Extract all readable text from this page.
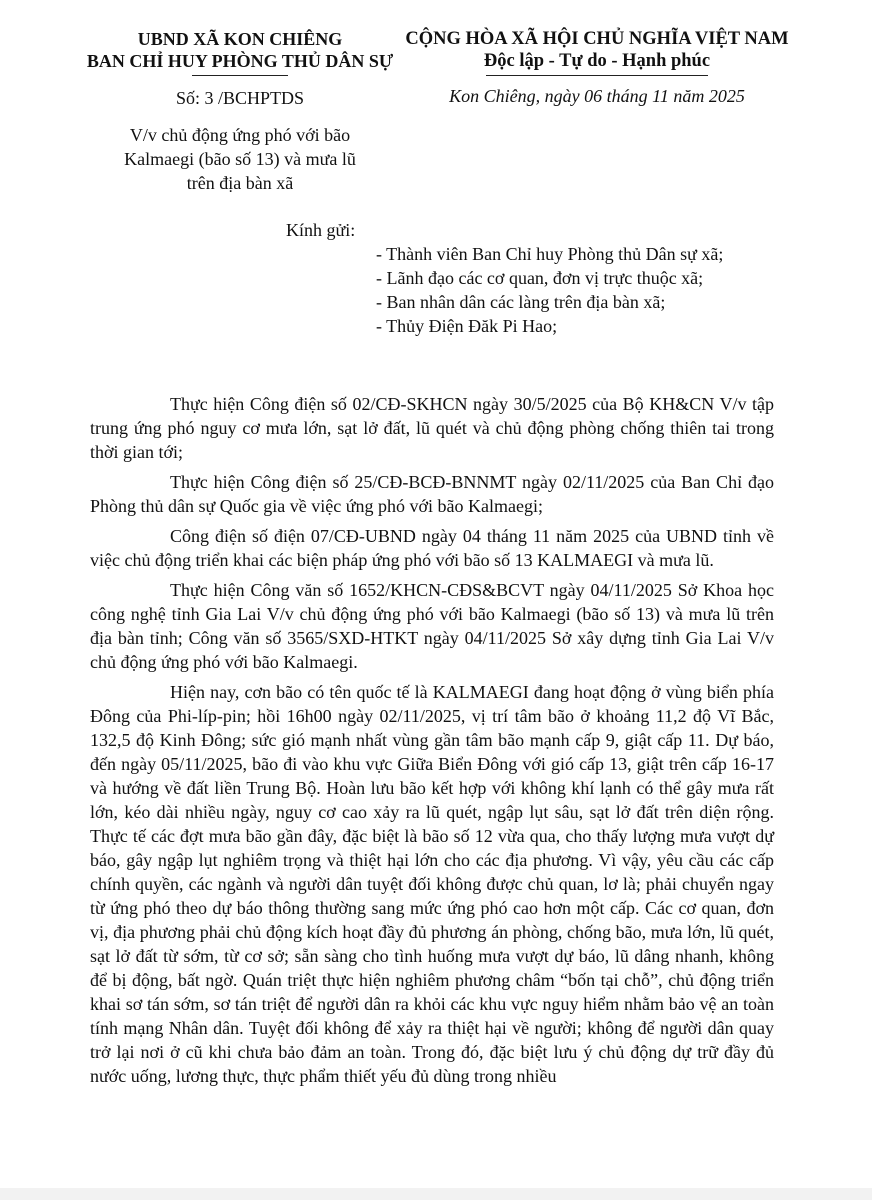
UBND XÃ KON CHIÊNG
BAN CHỈ HUY PHÒNG THỦ DÂN SỰ
Số: 3 /BCHPTDS
V/v chủ động ứng phó với bão
Kalmaegi (bão số 13) và mưa lũ
trên địa bàn xã
CỘNG HÒA XÃ HỘI CHỦ NGHĨA VIỆT NAM
Độc lập - Tự do - Hạnh phúc
Kon Chiêng, ngày 06 tháng 11 năm 2025
Kính gửi:
- Thành viên Ban Chỉ huy Phòng thủ Dân sự xã;
- Lãnh đạo các cơ quan, đơn vị trực thuộc xã;
- Ban nhân dân các làng trên địa bàn xã;
- Thủy Điện Đăk Pi Hao;

Thực hiện Công điện số 02/CĐ-SKHCN ngày 30/5/2025 của Bộ KH&CN V/v tập trung ứng phó nguy cơ mưa lớn, sạt lở đất, lũ quét và chủ động phòng chống thiên tai trong thời gian tới;

Thực hiện Công điện số 25/CĐ-BCĐ-BNNMT ngày 02/11/2025 của Ban Chỉ đạo Phòng thủ dân sự Quốc gia về việc ứng phó với bão Kalmaegi;

Công điện số điện 07/CĐ-UBND ngày 04 tháng 11 năm 2025 của UBND tỉnh về việc chủ động triển khai các biện pháp ứng phó với bão số 13 KALMAEGI và mưa lũ.

Thực hiện Công văn số 1652/KHCN-CĐS&BCVT ngày 04/11/2025 Sở Khoa học công nghệ tỉnh Gia Lai V/v chủ động ứng phó với bão Kalmaegi (bão số 13) và mưa lũ trên địa bàn tỉnh; Công văn số 3565/SXD-HTKT ngày 04/11/2025 Sở xây dựng tỉnh Gia Lai V/v chủ động ứng phó với bão Kalmaegi.

Hiện nay, cơn bão có tên quốc tế là KALMAEGI đang hoạt động ở vùng biển phía Đông của Phi-líp-pin; hồi 16h00 ngày 02/11/2025, vị trí tâm bão ở khoảng 11,2 độ Vĩ Bắc, 132,5 độ Kinh Đông; sức gió mạnh nhất vùng gần tâm bão mạnh cấp 9, giật cấp 11. Dự báo, đến ngày 05/11/2025, bão đi vào khu vực Giữa Biển Đông với gió cấp 13, giật trên cấp 16-17 và hướng về đất liền Trung Bộ. Hoàn lưu bão kết hợp với không khí lạnh có thể gây mưa rất lớn, kéo dài nhiều ngày, nguy cơ cao xảy ra lũ quét, ngập lụt sâu, sạt lở đất trên diện rộng. Thực tế các đợt mưa bão gần đây, đặc biệt là bão số 12 vừa qua, cho thấy lượng mưa vượt dự báo, gây ngập lụt nghiêm trọng và thiệt hại lớn cho các địa phương. Vì vậy, yêu cầu các cấp chính quyền, các ngành và người dân tuyệt đối không được chủ quan, lơ là; phải chuyển ngay từ ứng phó theo dự báo thông thường sang mức ứng phó cao hơn một cấp. Các cơ quan, đơn vị, địa phương phải chủ động kích hoạt đầy đủ phương án phòng, chống bão, mưa lớn, lũ quét, sạt lở đất từ sớm, từ cơ sở; sẵn sàng cho tình huống mưa vượt dự báo, lũ dâng nhanh, không để bị động, bất ngờ. Quán triệt thực hiện nghiêm phương châm “bốn tại chỗ”, chủ động triển khai sơ tán sớm, sơ tán triệt để người dân ra khỏi các khu vực nguy hiểm nhằm bảo vệ an toàn tính mạng Nhân dân. Tuyệt đối không để xảy ra thiệt hại về người; không để người dân quay trở lại nơi ở cũ khi chưa bảo đảm an toàn. Trong đó, đặc biệt lưu ý chủ động dự trữ đầy đủ nước uống, lương thực, thực phẩm thiết yếu đủ dùng trong nhiều
